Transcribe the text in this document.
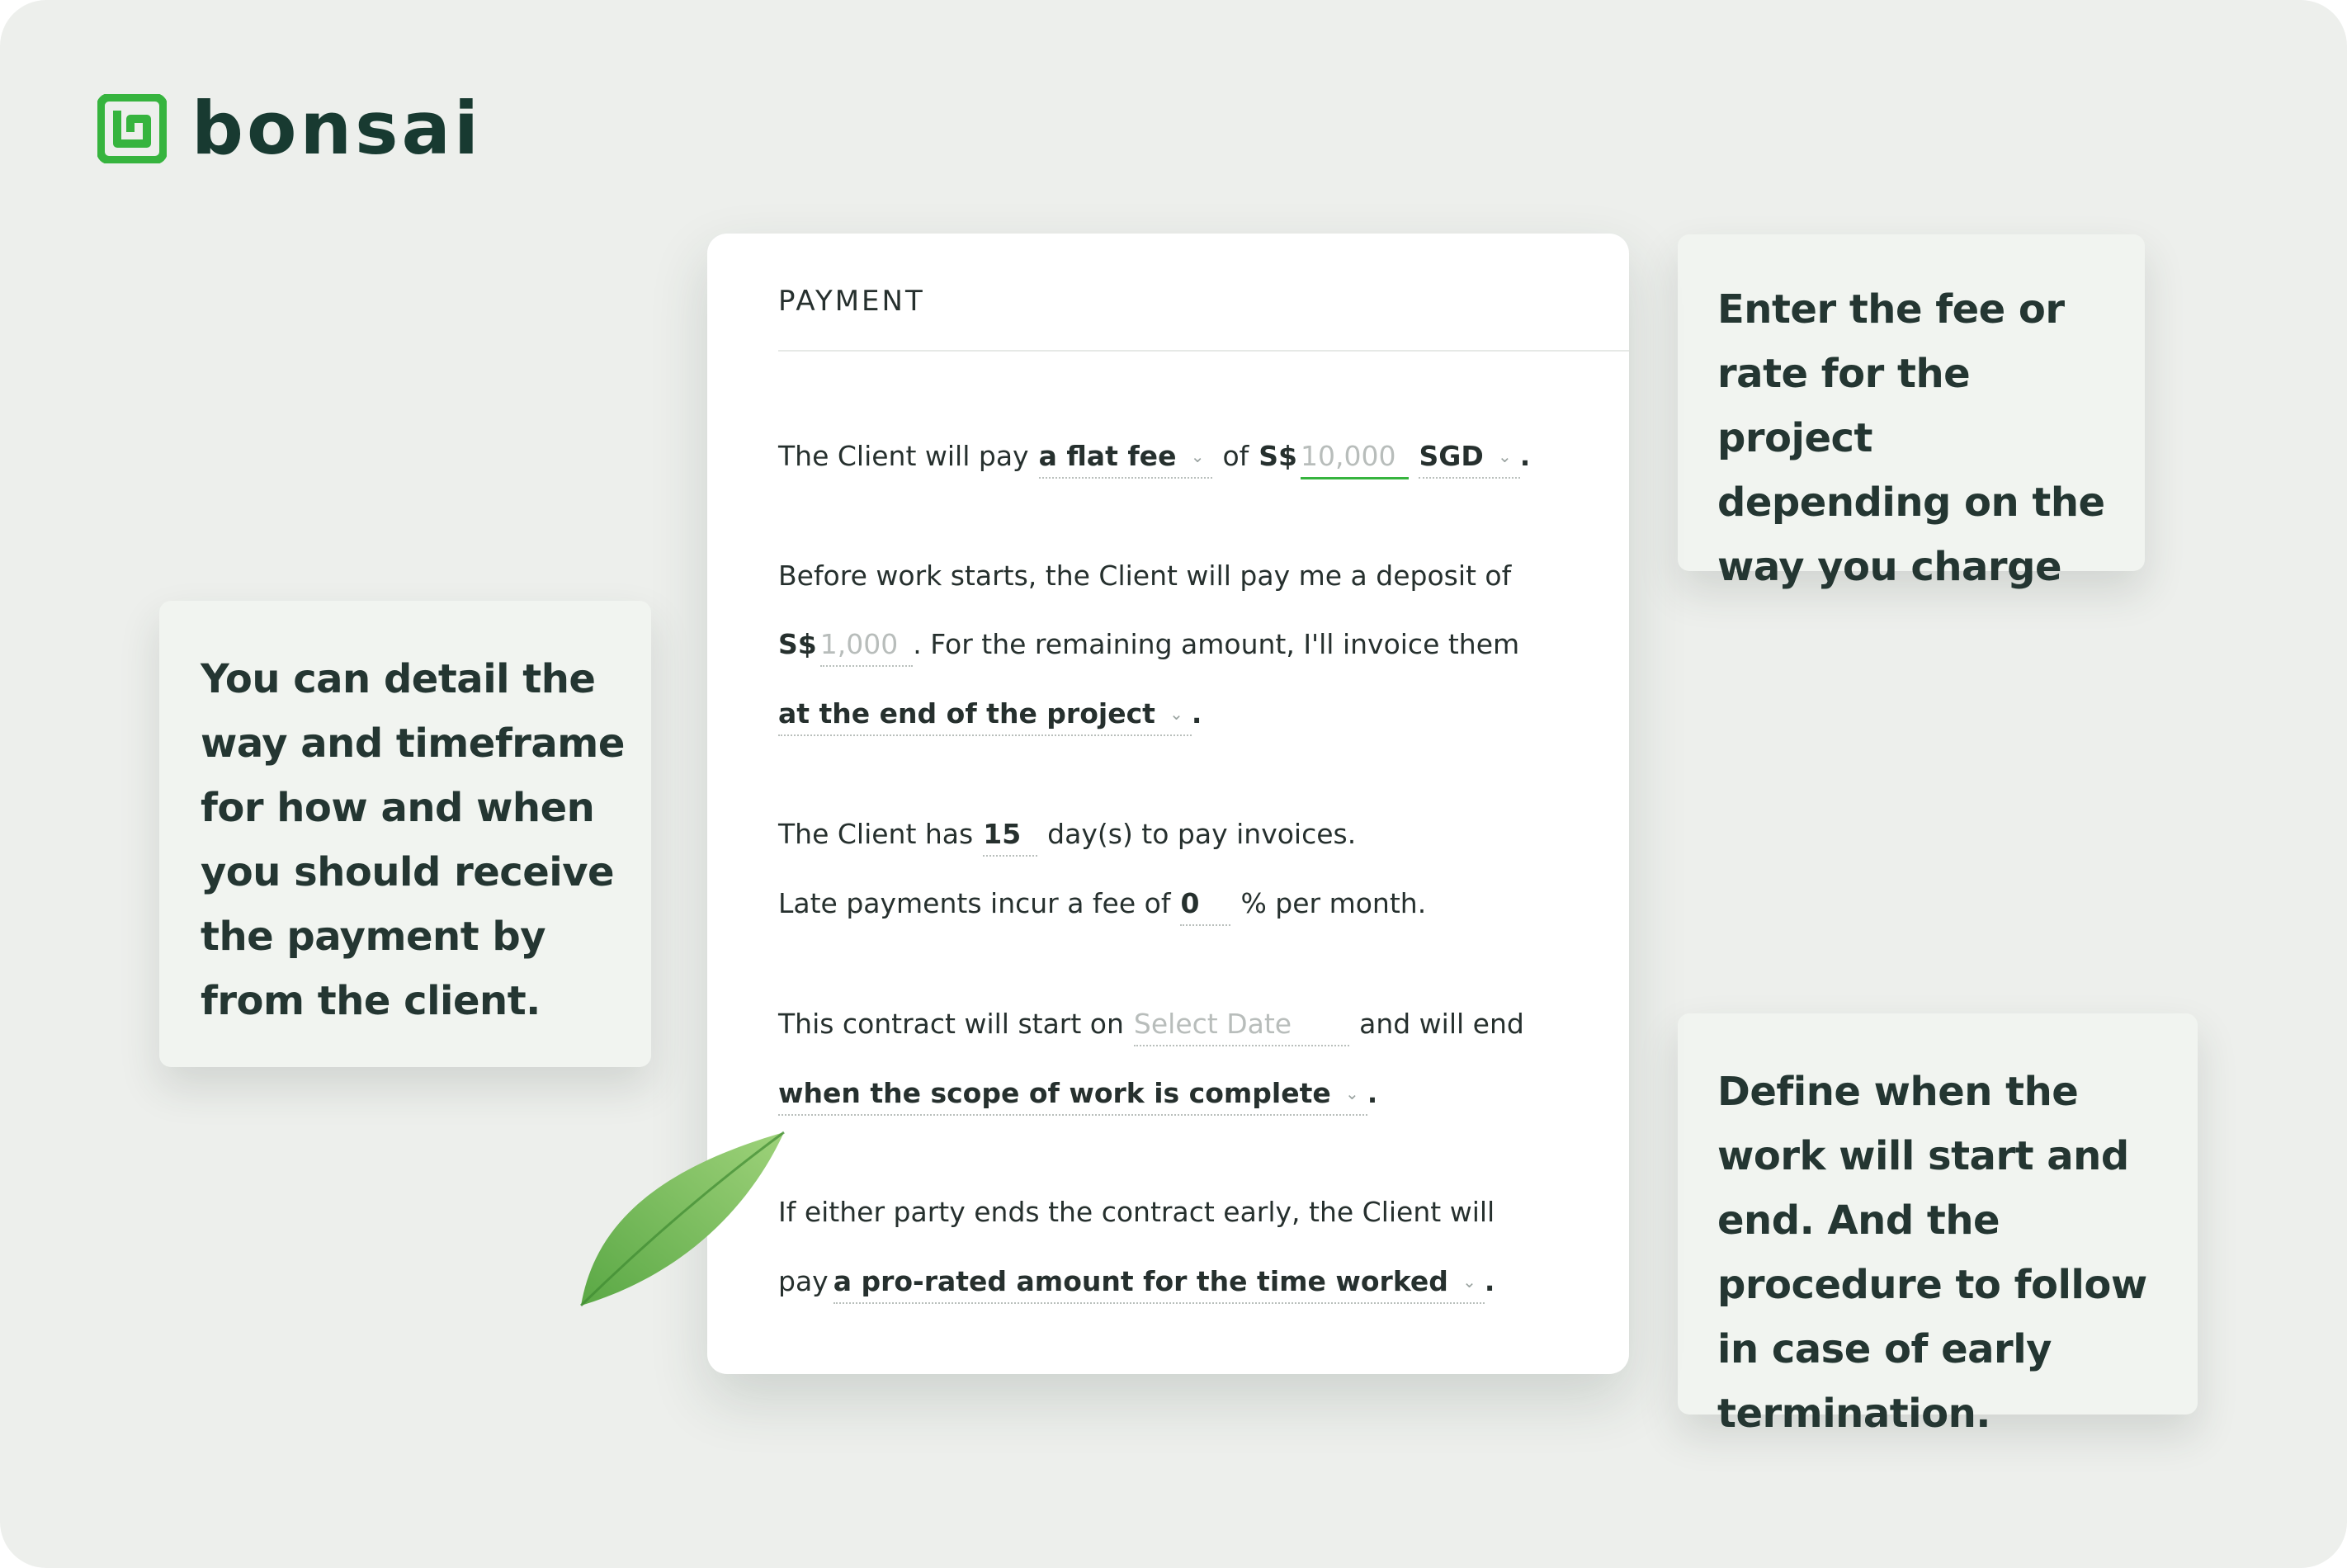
bonsai
Enter the fee or rate for the project depending on the way you charge
You can detail the way and timeframe for how and when you should receive the payment by from the client.
Define when the work will start and end. And the procedure to follow in case of early termination.
PAYMENT
The Client will pay a flat fee ⌄ of S$ 10,000 SGD ⌄ .
Before work starts, the Client will pay me a deposit of
S$ 1,000 . For the remaining amount, I'll invoice them
at the end of the project ⌄ .
The Client has 15 day(s) to pay invoices.
Late payments incur a fee of 0	% per month.
This contract will start on Select Date	and will end
when the scope of work is complete ⌄ .
If either party ends the contract early, the Client will
pay a pro-rated amount for the time worked ⌄ .
